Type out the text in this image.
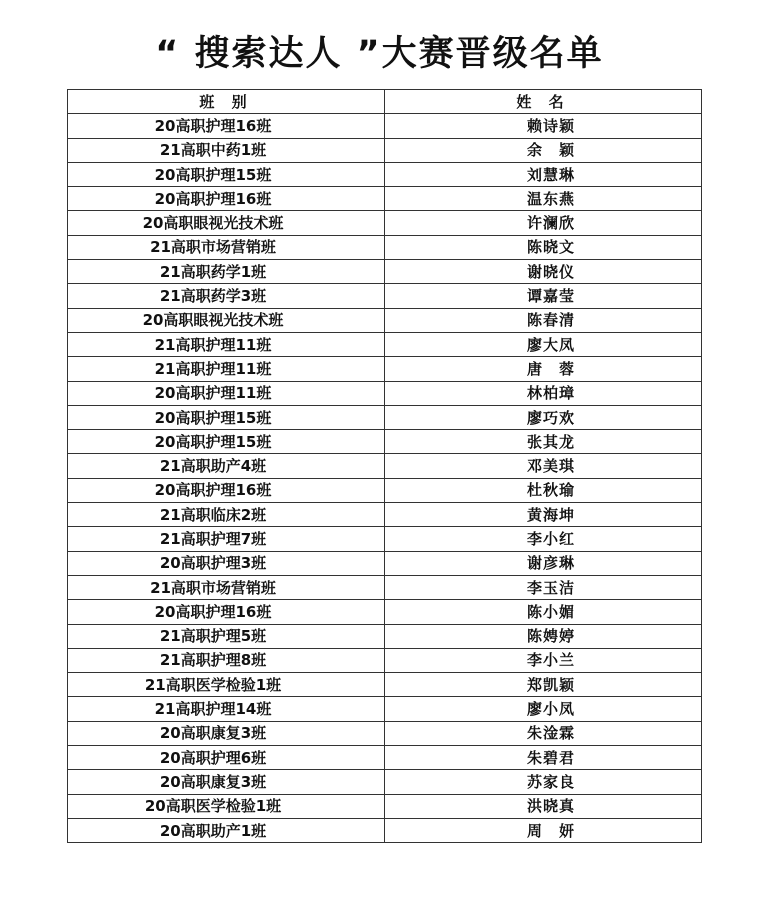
“ 搜索达人 ”大赛晋级名单
班 别	姓 名
20高职护理16班	赖诗颖
21高职中药1班	余　颖
20高职护理15班	刘慧琳
20高职护理16班	温东燕
20高职眼视光技术班	许澜欣
21高职市场营销班	陈晓文
21高职药学1班	谢晓仪
21高职药学3班	谭嘉莹
20高职眼视光技术班	陈春清
21高职护理11班	廖大凤
21高职护理11班	唐　蓉
20高职护理11班	林柏璋
20高职护理15班	廖巧欢
20高职护理15班	张其龙
21高职助产4班	邓美琪
20高职护理16班	杜秋瑜
21高职临床2班	黄海坤
21高职护理7班	李小红
20高职护理3班	谢彦琳
21高职市场营销班	李玉洁
20高职护理16班	陈小媚
21高职护理5班	陈娉婷
21高职护理8班	李小兰
21高职医学检验1班	郑凯颖
21高职护理14班	廖小凤
20高职康复3班	朱淦霖
20高职护理6班	朱碧君
20高职康复3班	苏家良
20高职医学检验1班	洪晓真
20高职助产1班	周　妍
